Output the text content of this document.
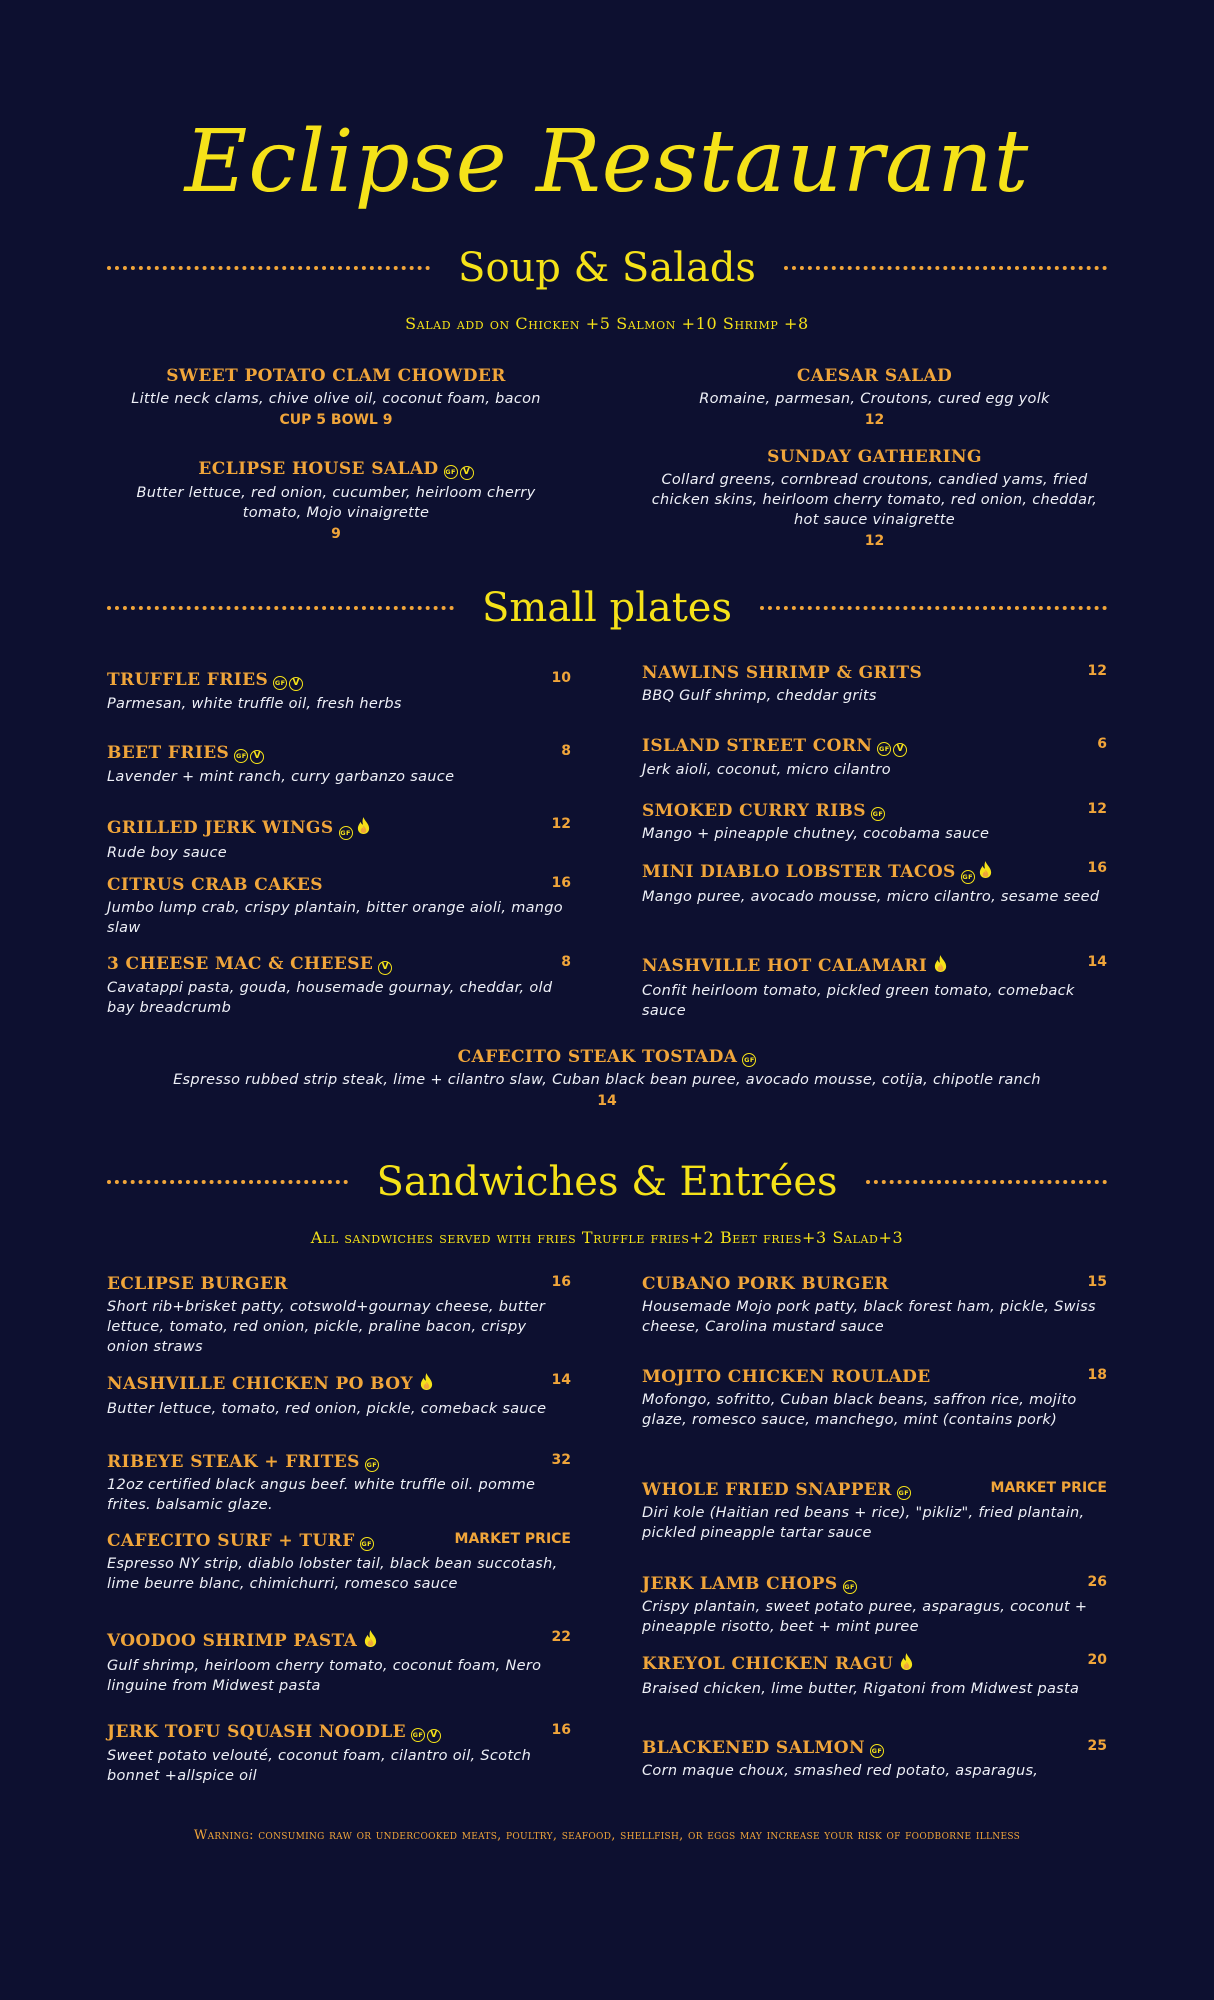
Eclipse Restaurant
Soup & Salads
Salad add on Chicken +5 Salmon +10 Shrimp +8
SWEET POTATO CLAM CHOWDER
Little neck clams, chive olive oil, coconut foam, bacon
CUP 5 BOWL 9
CAESAR SALAD
Romaine, parmesan, Croutons, cured egg yolk
12
ECLIPSE HOUSE SALAD	GF V
Butter lettuce, red onion, cucumber, heirloom cherry tomato, Mojo vinaigrette
9
SUNDAY GATHERING
Collard greens, cornbread croutons, candied yams, fried chicken skins, heirloom cherry tomato, red onion, cheddar, hot sauce vinaigrette
12
Small plates
TRUFFLE FRIES	GF V	10
Parmesan, white truffle oil, fresh herbs
BEET FRIES	GF V	8
Lavender + mint ranch, curry garbanzo sauce
GRILLED JERK WINGS	GF
12
Rude boy sauce
CITRUS CRAB CAKES	16
Jumbo lump crab, crispy plantain, bitter orange aioli, mango slaw
3 CHEESE MAC & CHEESE V	8
Cavatappi pasta, gouda, housemade gournay, cheddar, old bay breadcrumb
NAWLINS SHRIMP & GRITS	12
BBQ Gulf shrimp, cheddar grits
ISLAND STREET CORN	GF V	6
Jerk aioli, coconut, micro cilantro
SMOKED CURRY RIBS	GF	12
Mango + pineapple chutney, cocobama sauce
MINI DIABLO LOBSTER TACOS	GF
16
Mango puree, avocado mousse, micro cilantro, sesame seed
NASHVILLE HOT CALAMARI	14
Confit heirloom tomato, pickled green tomato, comeback sauce
CAFECITO STEAK TOSTADA	GF
Espresso rubbed strip steak, lime + cilantro slaw, Cuban black bean puree, avocado mousse, cotija, chipotle ranch
14
Sandwiches & Entrées
All sandwiches served with fries Truffle fries+2 Beet fries+3 Salad+3
ECLIPSE BURGER	16
Short rib+brisket patty, cotswold+gournay cheese, butter lettuce, tomato, red onion, pickle, praline bacon, crispy onion straws
NASHVILLE CHICKEN PO BOY	14
Butter lettuce, tomato, red onion, pickle, comeback sauce
RIBEYE STEAK + FRITES	GF	32
12oz certified black angus beef. white truffle oil. pomme frites. balsamic glaze.
CAFECITO SURF + TURF	GF	MARKET PRICE
Espresso NY strip, diablo lobster tail, black bean succotash, lime beurre blanc, chimichurri, romesco sauce
VOODOO SHRIMP PASTA	22
Gulf shrimp, heirloom cherry tomato, coconut foam, Nero linguine from Midwest pasta
JERK TOFU SQUASH NOODLE	GF V	16
Sweet potato velouté, coconut foam, cilantro oil, Scotch bonnet +allspice oil
CUBANO PORK BURGER	15
Housemade Mojo pork patty, black forest ham, pickle, Swiss cheese, Carolina mustard sauce
MOJITO CHICKEN ROULADE	18
Mofongo, sofritto, Cuban black beans, saffron rice, mojito glaze, romesco sauce, manchego, mint (contains pork)
WHOLE FRIED SNAPPER	GF	MARKET PRICE
Diri kole (Haitian red beans + rice), "pikliz", fried plantain, pickled pineapple tartar sauce
JERK LAMB CHOPS	GF	26
Crispy plantain, sweet potato puree, asparagus, coconut + pineapple risotto, beet + mint puree
KREYOL CHICKEN RAGU	20
Braised chicken, lime butter, Rigatoni from Midwest pasta
BLACKENED SALMON	GF	25
Corn maque choux, smashed red potato, asparagus,
Warning: consuming raw or undercooked meats, poultry, seafood, shellfish, or eggs may increase your risk of foodborne illness
